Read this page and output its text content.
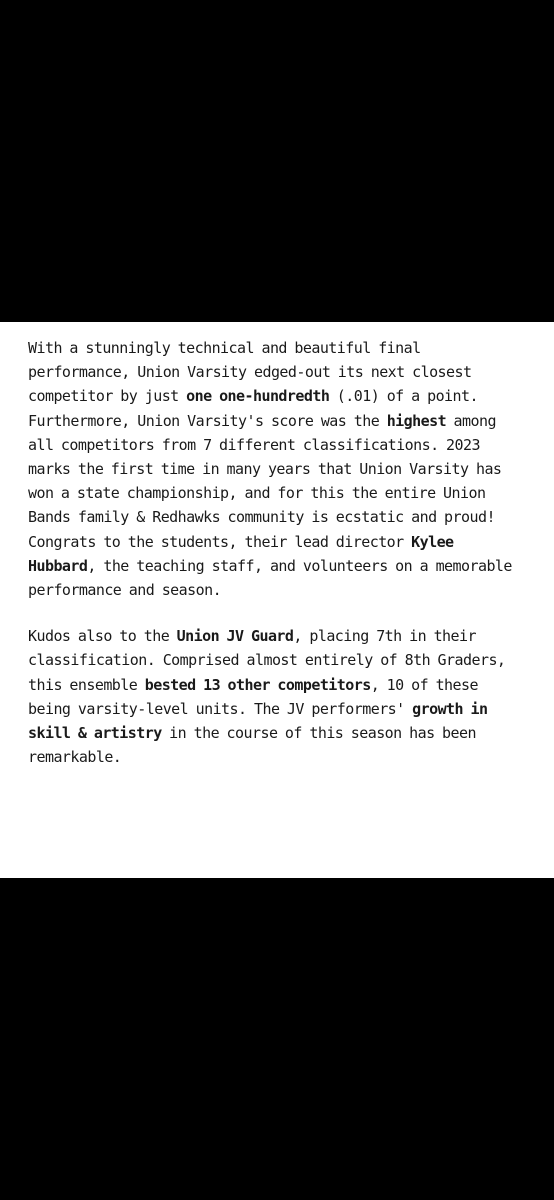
With a stunningly technical and beautiful final performance, Union Varsity edged-out its next closest competitor by just one one-hundredth (.01) of a point. Furthermore, Union Varsity's score was the highest among all competitors from 7 different classifications. 2023 marks the first time in many years that Union Varsity has won a state championship, and for this the entire Union Bands family & Redhawks community is ecstatic and proud! Congrats to the students, their lead director Kylee Hubbard, the teaching staff, and volunteers on a memorable performance and season.

Kudos also to the Union JV Guard, placing 7th in their classification. Comprised almost entirely of 8th Graders, this ensemble bested 13 other competitors, 10 of these being varsity-level units. The JV performers' growth in skill & artistry in the course of this season has been remarkable.
